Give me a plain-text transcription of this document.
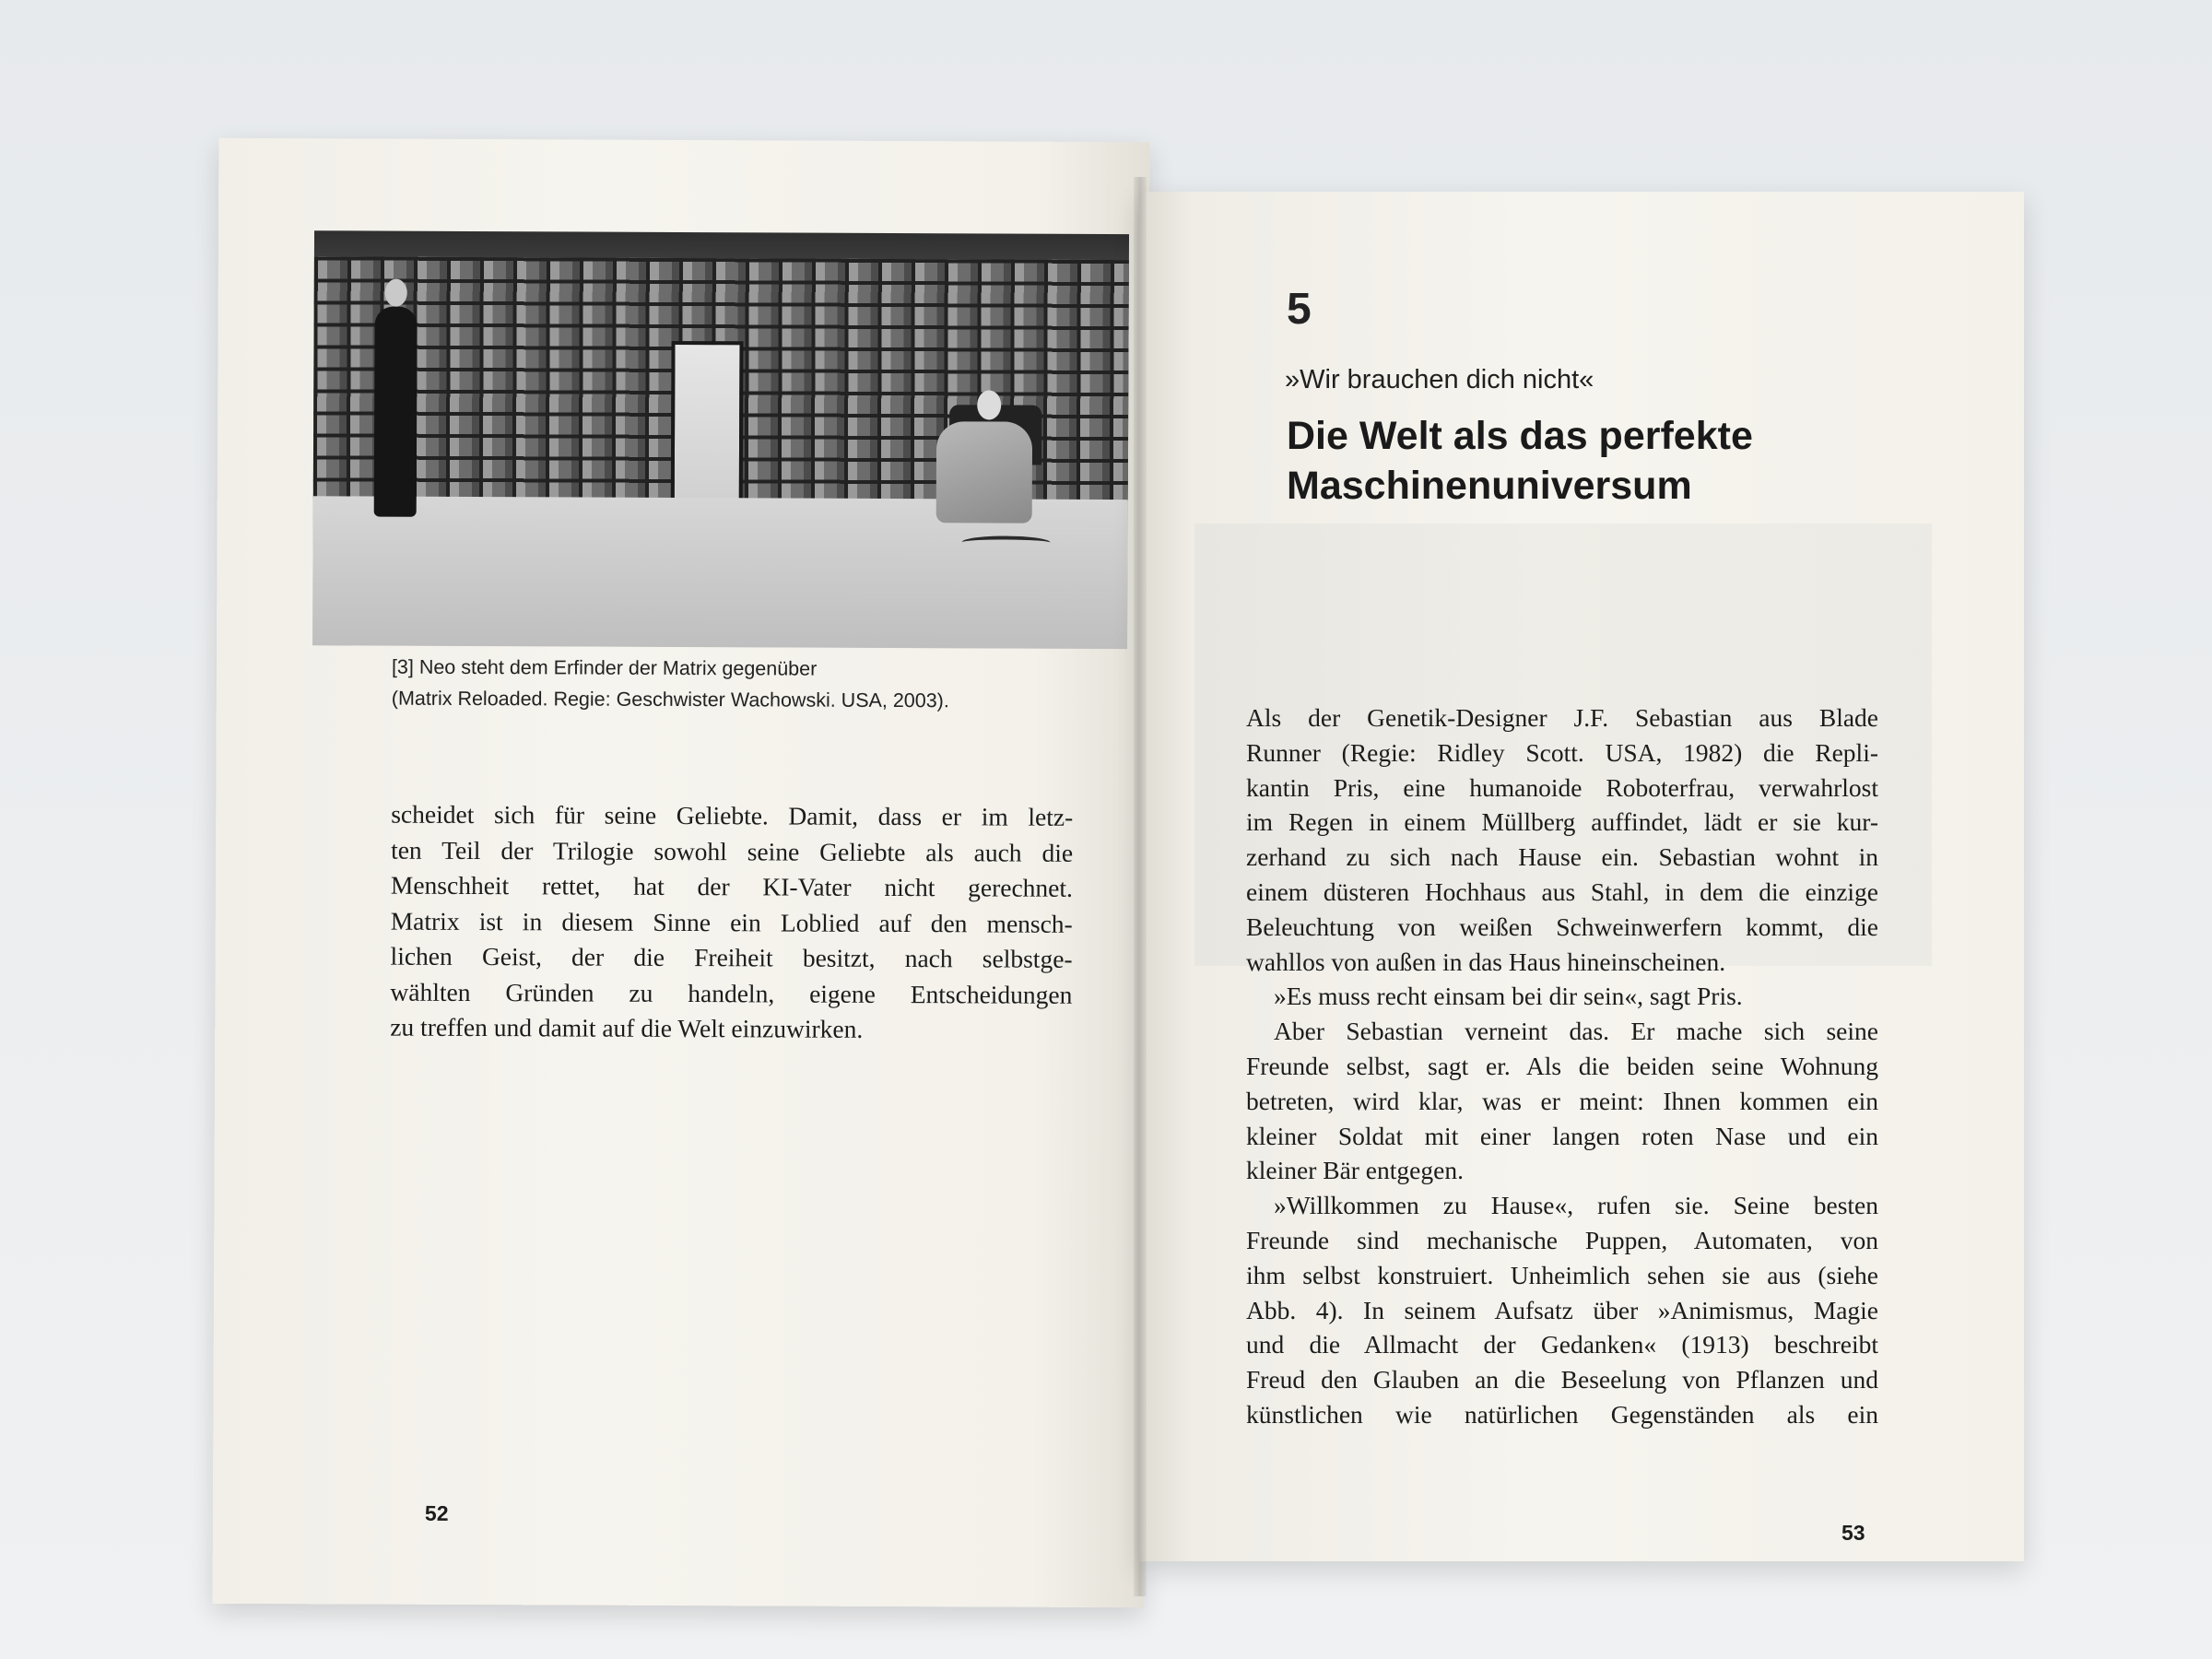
[3] Neo steht dem Erfinder der Matrix gegenüber
(Matrix Reloaded. Regie: Geschwister Wachowski. USA, 2003).
scheidet sich für seine Geliebte. Damit, dass er im letz-
ten Teil der Trilogie sowohl seine Geliebte als auch die
Menschheit rettet, hat der KI-Vater nicht gerechnet.
Matrix ist in diesem Sinne ein Loblied auf den mensch-
lichen Geist, der die Freiheit besitzt, nach selbstge-
wählten Gründen zu handeln, eigene Entscheidungen
zu treffen und damit auf die Welt einzuwirken.
52
5
»Wir brauchen dich nicht«
Die Welt als das perfekte
Maschinenuniversum
Als der Genetik-Designer J.F. Sebastian aus Blade
Runner (Regie: Ridley Scott. USA, 1982) die Repli-
kantin Pris, eine humanoide Roboterfrau, verwahrlost
im Regen in einem Müllberg auffindet, lädt er sie kur-
zerhand zu sich nach Hause ein. Sebastian wohnt in
einem düsteren Hochhaus aus Stahl, in dem die einzige
Beleuchtung von weißen Schweinwerfern kommt, die
wahllos von außen in das Haus hineinscheinen.
»Es muss recht einsam bei dir sein«, sagt Pris.
Aber Sebastian verneint das. Er mache sich seine
Freunde selbst, sagt er. Als die beiden seine Wohnung
betreten, wird klar, was er meint: Ihnen kommen ein
kleiner Soldat mit einer langen roten Nase und ein
kleiner Bär entgegen.
»Willkommen zu Hause«, rufen sie. Seine besten
Freunde sind mechanische Puppen, Automaten, von
ihm selbst konstruiert. Unheimlich sehen sie aus (siehe
Abb. 4). In seinem Aufsatz über »Animismus, Magie
und die Allmacht der Gedanken« (1913) beschreibt
Freud den Glauben an die Beseelung von Pflanzen und
künstlichen wie natürlichen Gegenständen als ein
53
